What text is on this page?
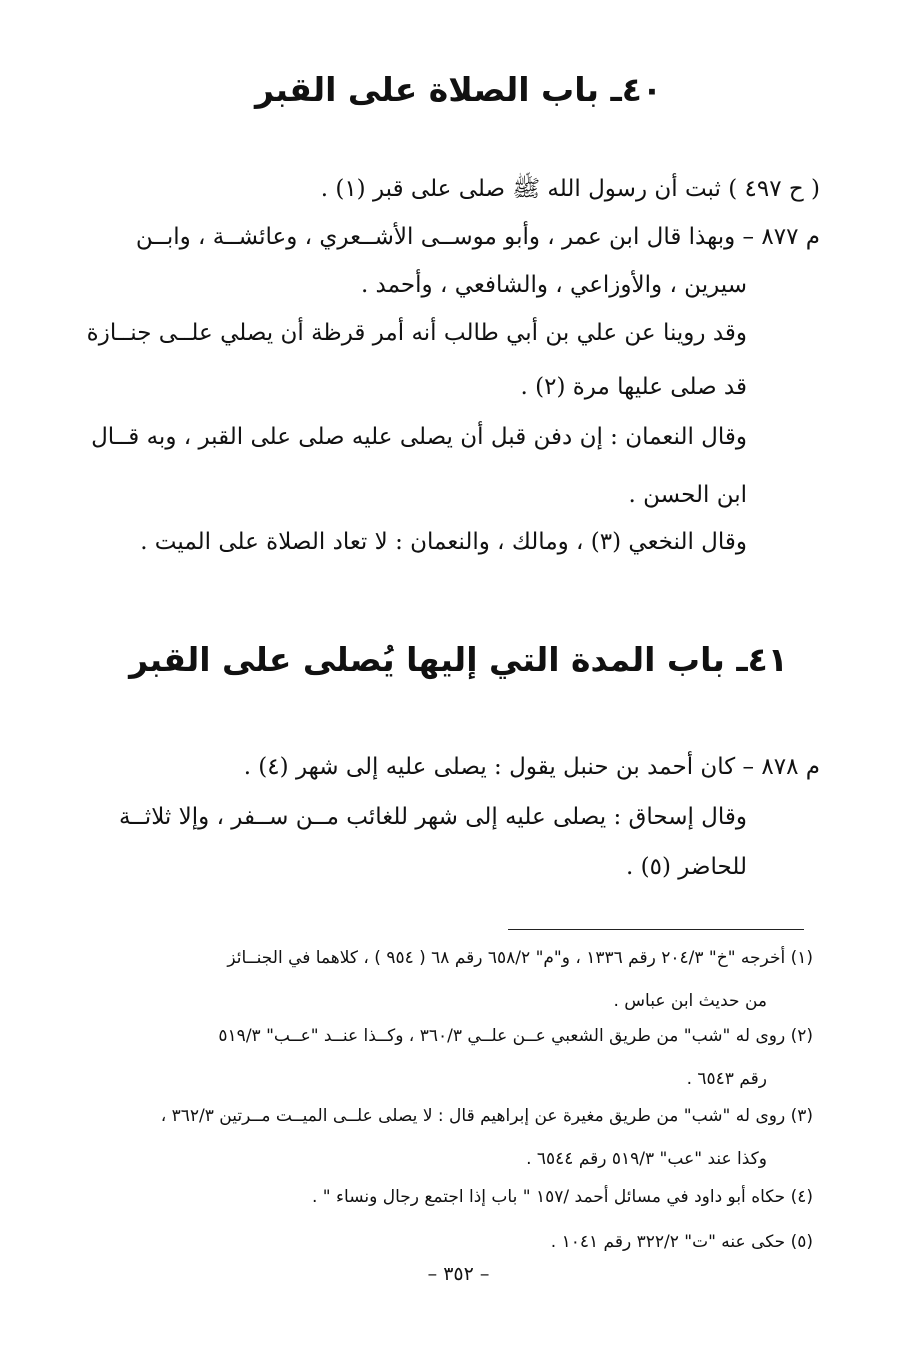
٤٠ـ باب الصلاة على القبر
( ح ٤٩٧ ) ثبت أن رسول الله ﷺ صلى على قبر (١) .
م ٨٧٧ – وبهذا قال ابن عمر ، وأبو موســى الأشــعري ، وعائشــة ، وابــن
سيرين ، والأوزاعي ، والشافعي ، وأحمد .
وقد روينا عن علي بن أبي طالب أنه أمر قرظة أن يصلي علــى جنــازة
قد صلى عليها مرة (٢) .
وقال النعمان : إن دفن قبل أن يصلى عليه صلى على القبر ، وبه قــال
ابن الحسن .
وقال النخعي (٣) ، ومالك ، والنعمان : لا تعاد الصلاة على الميت .
٤١ـ باب المدة التي إليها يُصلى على القبر
م ٨٧٨ – كان أحمد بن حنبل يقول : يصلى عليه إلى شهر (٤) .
وقال إسحاق : يصلى عليه إلى شهر للغائب مــن ســفر ، وإلا ثلاثــة
للحاضر (٥) .
(١) أخرجه "خ" ٢٠٤/٣ رقم ١٣٣٦ ، و"م" ٦٥٨/٢ رقم ٦٨ ( ٩٥٤ ) ، كلاهما في الجنــائز
من حديث ابن عباس .
(٢) روى له "شب" من طريق الشعبي عــن علــي ٣٦٠/٣ ، وكــذا عنــد "عــب" ٥١٩/٣
رقم ٦٥٤٣ .
(٣) روى له "شب" من طريق مغيرة عن إبراهيم قال : لا يصلى علــى الميــت مــرتين ٣٦٢/٣ ،
وكذا عند "عب" ٥١٩/٣ رقم ٦٥٤٤ .
(٤) حكاه أبو داود في مسائل أحمد /١٥٧ " باب إذا اجتمع رجال ونساء " .
(٥) حكى عنه "ت" ٣٢٢/٢ رقم ١٠٤١ .
– ٣٥٢ –
